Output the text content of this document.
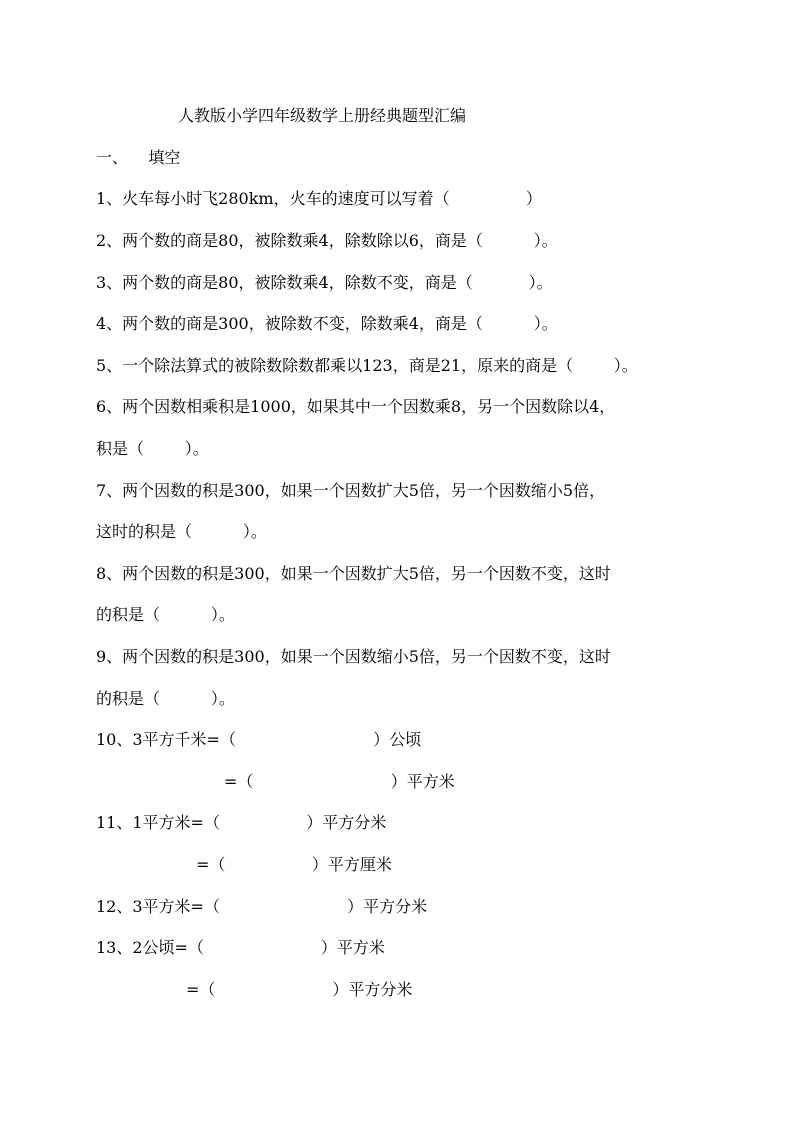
人教版小学四年级数学上册经典题型汇编
一、    填空
1、火车每小时飞280km，火车的速度可以写着（               ）
2、两个数的商是80，被除数乘4，除数除以6，商是（          ）。
3、两个数的商是80，被除数乘4，除数不变，商是（           ）。
4、两个数的商是300，被除数不变，除数乘4，商是（          ）。
5、一个除法算式的被除数除数都乘以123，商是21，原来的商是（        ）。
6、两个因数相乘积是1000，如果其中一个因数乘8，另一个因数除以4，
积是（        ）。
7、两个因数的积是300，如果一个因数扩大5倍，另一个因数缩小5倍，
这时的积是（          ）。
8、两个因数的积是300，如果一个因数扩大5倍，另一个因数不变，这时
的积是（          ）。
9、两个因数的积是300，如果一个因数缩小5倍，另一个因数不变，这时
的积是（          ）。
10、3平方千米=（                           ）公顷
=（                           ）平方米
11、1平方米=（                 ）平方分米
=（                 ）平方厘米
12、3平方米=（                         ）平方分米
13、2公顷=（                       ）平方米
=（                       ）平方分米
